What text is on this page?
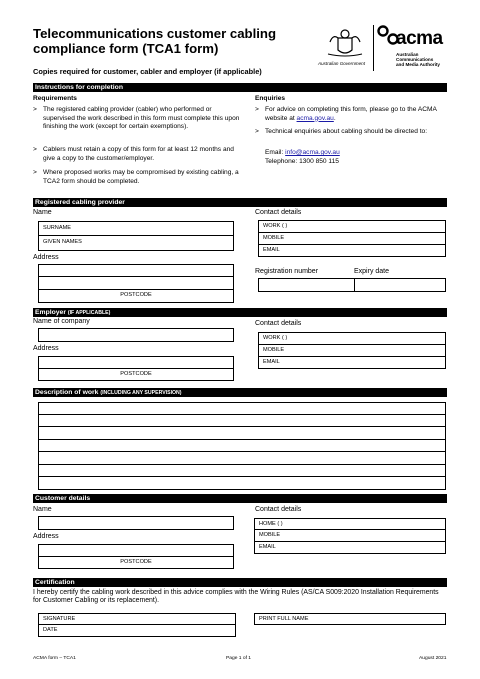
Telecommunications customer cabling compliance form (TCA1 form)
Copies required for customer, cabler and employer (if applicable)
Australian Government
acma
Australian
Communications
and Media Authority
Instructions for completion
Requirements
> The registered cabling provider (cabler) who performed or supervised the work described in this form must complete this upon finishing the work (except for certain exemptions).
> Cablers must retain a copy of this form for at least 12 months and give a copy to the customer/employer.
> Where proposed works may be compromised by existing cabling, a TCA2 form should be completed.
Enquiries
> For advice on completing this form, please go to the ACMA website at acma.gov.au.
> Technical enquiries about cabling should be directed to:
Email: info@acma.gov.au
Telephone: 1300 850 115
Registered cabling provider
Name
SURNAME
GIVEN NAMES
Address
POSTCODE
Contact details
WORK ( )
MOBILE
EMAIL
Registration number	Expiry date
Employer (IF APPLICABLE)
Name of company
Address
POSTCODE
Contact details
WORK ( )
MOBILE
EMAIL
Description of work (INCLUDING ANY SUPERVISION)
Customer details
Name
Address
POSTCODE
Contact details
HOME ( )
MOBILE
EMAIL
Certification
I hereby certify the cabling work described in this advice complies with the Wiring Rules (AS/CA S009:2020 Installation Requirements for Customer Cabling or its replacement).
SIGNATURE
DATE
PRINT FULL NAME
ACMA form – TCA1	Page 1 of 1	August 2021
